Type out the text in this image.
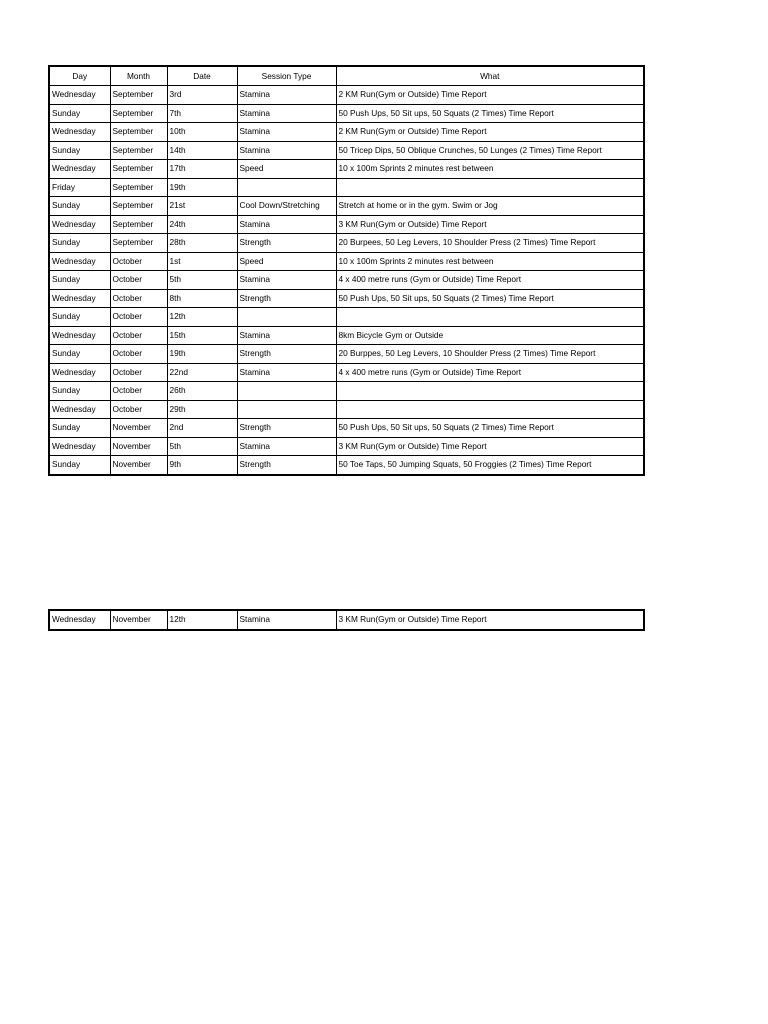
Day	Month	Date	Session Type	What
Wednesday	September	3rd	Stamina	2 KM Run(Gym or Outside) Time Report
Sunday	September	7th	Stamina	50 Push Ups, 50 Sit ups, 50 Squats (2 Times) Time Report
Wednesday	September	10th	Stamina	2 KM Run(Gym or Outside) Time Report
Sunday	September	14th	Stamina	50 Tricep Dips, 50 Oblique Crunches, 50 Lunges (2 Times) Time Report
Wednesday	September	17th	Speed	10 x 100m Sprints 2 minutes rest between
Friday	September	19th		
Sunday	September	21st	Cool Down/Stretching	Stretch at home or in the gym. Swim or Jog
Wednesday	September	24th	Stamina	3 KM Run(Gym or Outside) Time Report
Sunday	September	28th	Strength	20 Burpees, 50 Leg Levers, 10 Shoulder Press (2 Times) Time Report
Wednesday	October	1st	Speed	10 x 100m Sprints 2 minutes rest between
Sunday	October	5th	Stamina	4 x 400 metre runs (Gym or Outside) Time Report
Wednesday	October	8th	Strength	50 Push Ups, 50 Sit ups, 50 Squats (2 Times) Time Report
Sunday	October	12th		
Wednesday	October	15th	Stamina	8km Bicycle Gym or Outside
Sunday	October	19th	Strength	20 Burppes, 50 Leg Levers, 10 Shoulder Press (2 Times) Time Report
Wednesday	October	22nd	Stamina	4 x 400 metre runs (Gym or Outside) Time Report
Sunday	October	26th		
Wednesday	October	29th		
Sunday	November	2nd	Strength	50 Push Ups, 50 Sit ups, 50 Squats (2 Times) Time Report
Wednesday	November	5th	Stamina	3 KM Run(Gym or Outside) Time Report
Sunday	November	9th	Strength	50 Toe Taps, 50 Jumping Squats, 50 Froggies (2 Times) Time Report
Wednesday	November	12th	Stamina	3 KM Run(Gym or Outside) Time Report
